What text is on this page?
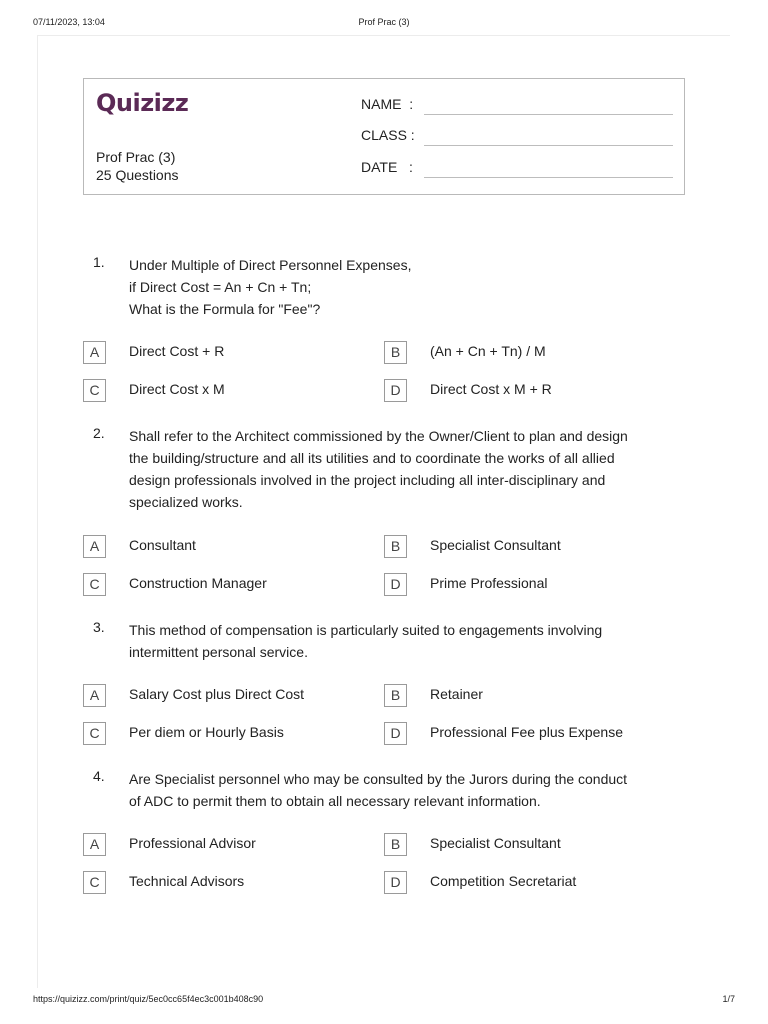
07/11/2023, 13:04	Prof Prac (3)
Quizizz
Prof Prac (3)
25 Questions
NAME  :
CLASS :
DATE   :
1. Under Multiple of Direct Personnel Expenses,
if Direct Cost = An + Cn + Tn;
What is the Formula for "Fee"?
A	Direct Cost + R	B	(An + Cn + Tn) / M
C	Direct Cost x M	D	Direct Cost x M + R
2. Shall refer to the Architect commissioned by the Owner/Client to plan and design
the building/structure and all its utilities and to coordinate the works of all allied
design professionals involved in the project including all inter-disciplinary and
specialized works.
A	Consultant	B	Specialist Consultant
C	Construction Manager	D	Prime Professional
3. This method of compensation is particularly suited to engagements involving
intermittent personal service.
A	Salary Cost plus Direct Cost	B	Retainer
C	Per diem or Hourly Basis	D	Professional Fee plus Expense
4. Are Specialist personnel who may be consulted by the Jurors during the conduct
of ADC to permit them to obtain all necessary relevant information.
A	Professional Advisor	B	Specialist Consultant
C	Technical Advisors	D	Competition Secretariat
https://quizizz.com/print/quiz/5ec0cc65f4ec3c001b408c90	1/7
